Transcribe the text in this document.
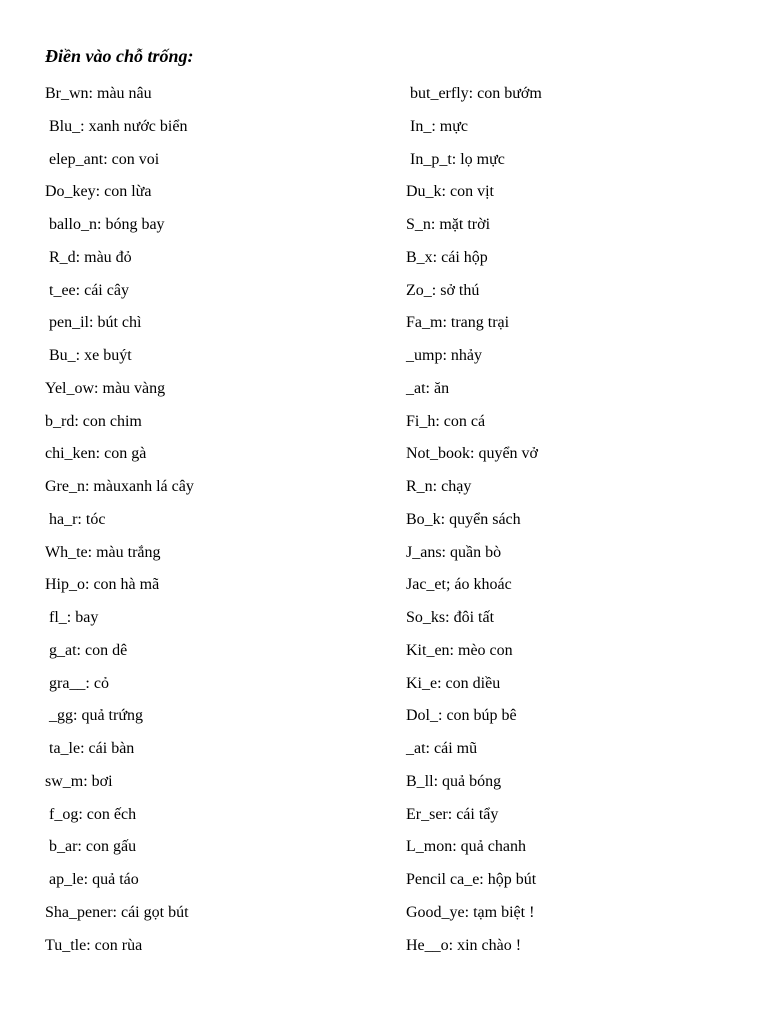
Điền vào chỗ trống:
Br_wn: màu nâu
Blu_: xanh nước biển
elep_ant: con voi
Do_key: con lừa
ballo_n: bóng bay
R_d: màu đỏ
t_ee: cái cây
pen_il: bút chì
Bu_: xe buýt
Yel_ow: màu vàng
b_rd: con chim
chi_ken: con gà
Gre_n: màuxanh lá cây
ha_r: tóc
Wh_te: màu trắng
Hip_o: con hà mã
fl_: bay
g_at: con dê
gra__: cỏ
_gg: quả trứng
ta_le: cái bàn
sw_m: bơi
f_og: con ếch
b_ar: con gấu
ap_le: quả táo
Sha_pener: cái gọt bút
Tu_tle: con rùa
but_erfly: con bướm
In_: mực
In_p_t: lọ mực
Du_k: con vịt
S_n: mặt trời
B_x: cái hộp
Zo_: sở thú
Fa_m: trang trại
_ump: nhảy
_at: ăn
Fi_h: con cá
Not_book: quyển vở
R_n: chạy
Bo_k: quyển sách
J_ans: quần bò
Jac_et; áo khoác
So_ks: đôi tất
Kit_en: mèo con
Ki_e: con diều
Dol_: con búp bê
_at: cái mũ
B_ll: quả bóng
Er_ser: cái tẩy
L_mon: quả chanh
Pencil ca_e: hộp bút
Good_ye: tạm biệt !
He__o: xin chào !
